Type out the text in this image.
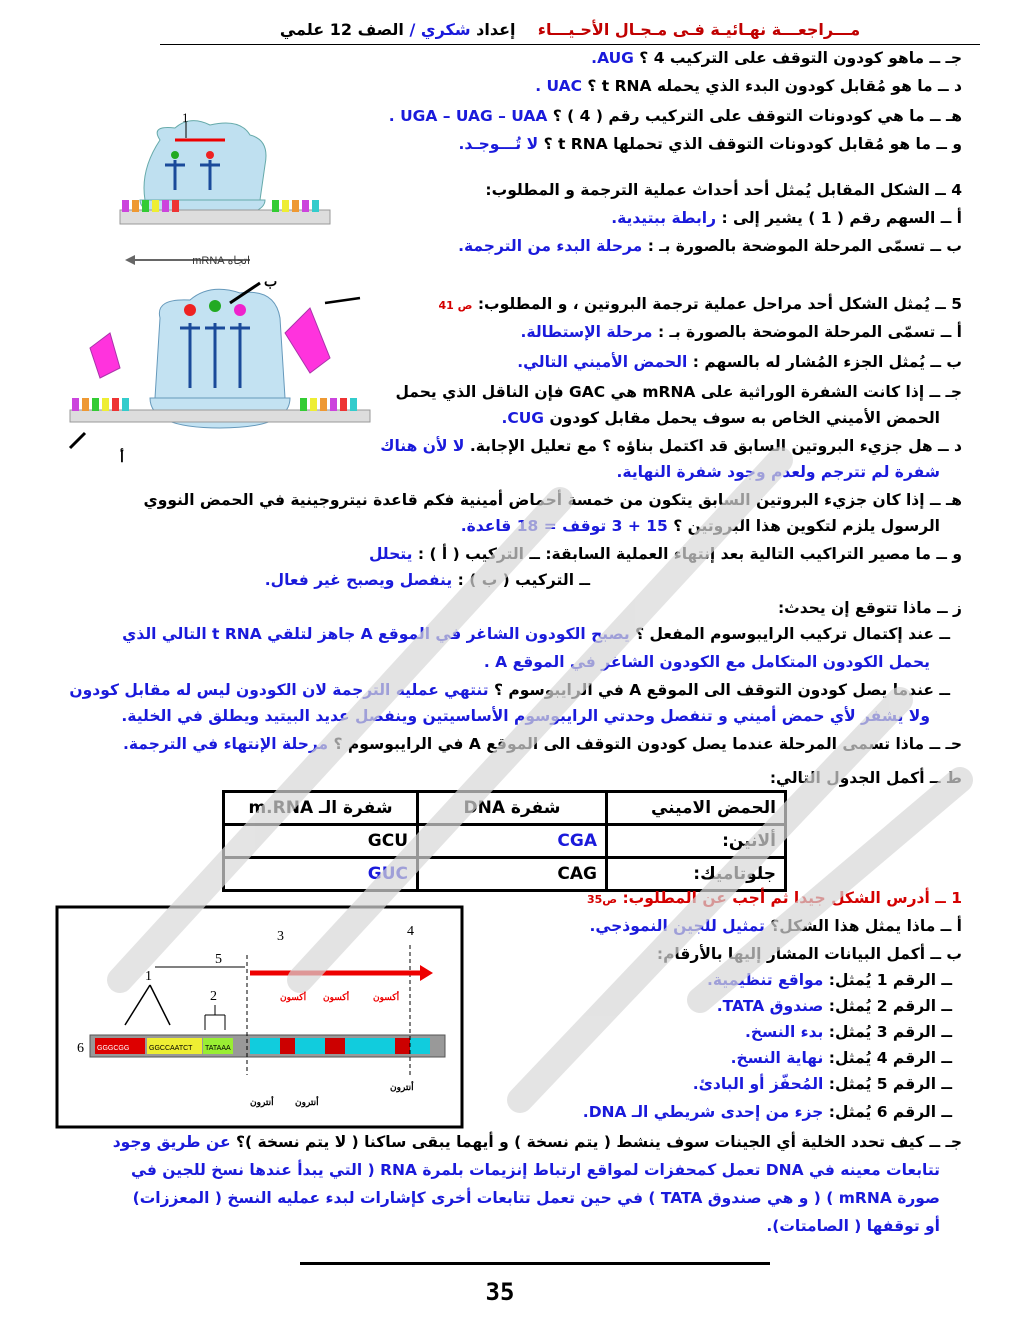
مـــراجعـــة نهـائيـة فـى مـجـال الأحـيـــاء    إعداد شكري / الصف 12 علمي
جـ ــ ماهو كودون التوقف على التركيب 4 ؟ AUG.
د ــ ما هو مُقابل كودون البدء الذي يحمله t RNA ؟ UAC .
هـ ــ ما هي كودونات التوقف على التركيب رقم ( 4 ) ؟ UGA – UAG – UAA .
و ــ ما هو مُقابل كودونات التوقف الذي تحملها t RNA ؟ لا تُـــوجـد.
4 ــ الشكل المقابل يُمثل أحد أحداث عملية الترجمة و المطلوب:
أ ــ السهم رقم ( 1 ) يشير إلى : رابطة ببتيدية.
ب ــ تسمّى المرحلة الموضحة بالصورة بـ : مرحلة البدء من الترجمة.
5 ــ يُمثل الشكل أحد مراحل عملية ترجمة البروتين ، و المطلوب: ص 41
أ ــ تسمّى المرحلة الموضحة بالصورة بـ : مرحلة الإستطالة.
ب ــ يُمثل الجزء المُشار له بالسهم : الحمض الأميني التالي.
جـ ــ إذا كانت الشفرة الوراثية على mRNA هي GAC فإن الناقل الذي يحمل
الحمض الأميني الخاص به سوف يحمل مقابل كودون CUG.
د ــ هل جزيء البروتين السابق قد اكتمل بناؤه ؟ مع تعليل الإجابة. لا لأن هناك
شفرة لم تترجم ولعدم وجود شفرة النهاية.
هـ ــ إذا كان جزيء البروتين السابق يتكون من خمسة أحماض أمينية فكم قاعدة نيتروجينية في الحمض النووي
الرسول يلزم لتكوين هذا البروتين ؟ 15 + 3 توقف = 18 قاعدة.
و ــ ما مصير التراكيب التالية بعد إنتهاء العملية السابقة: ــ التركيب ( أ ) : يتحلل
ــ التركيب ( ب ) : ينفصل ويصبح غير فعال.
ز ــ ماذا تتوقع إن يحدث:
ــ عند إكتمال تركيب الرايبوسوم المفعل ؟ يصبح الكودون الشاغر في الموقع A جاهز لتلقي t RNA التالي الذي
يحمل الكودون المتكامل مع الكودون الشاغر في الموقع A .
ــ عندما يصل كودون التوقف الى الموقع A في الرايبوسوم ؟ تنتهي عمليه الترجمة لان الكودون ليس له مقابل كودون
ولا يشفر لأي حمض أميني و تنفصل وحدتي الرايبوسوم الأساسيتين وينفصل عديد البيتيد ويطلق في الخلية.
حـ ــ ماذا تسمى المرحلة عندما يصل كودون التوقف الى الموقع A في الرايبوسوم ؟ مرحلة الإنتهاء في الترجمة.
ط ــ أكمل الجدول التالي:
الحمض الاميني	شفرة DNA	شفرة الـ m.RNA
ألانين:	CGA	GCU
جلوتاميك:	CAG	GUC
1 ــ أدرس الشكل جيدا ثم أجب عن المطلوب: ص35
أ ــ ماذا يمثل هذا الشكل؟ تمثيل للجين النموذجي.
ب ــ أكمل البيانات المشار إليها بالأرقام:
ــ الرقم 1 يُمثل: مواقع تنظيمية.
ــ الرقم 2 يُمثل: صندوق TATA.
ــ الرقم 3 يُمثل: بدء النسخ.
ــ الرقم 4 يُمثل: نهاية النسخ.
ــ الرقم 5 يُمثل: المُحفّز أو البادئ.
ــ الرقم 6 يُمثل: جزء من إحدى شريطي الـ DNA.
جـ ــ كيف تحدد الخلية أي الجينات سوف ينشط ( يتم نسخة ) و أيهما يبقى ساكنا ( لا يتم نسخة )؟ عن طريق وجود
تتابعات معينه في DNA تعمل كمحفزات لمواقع ارتباط إنزيمات بلمرة RNA ( التي يبدأ عندها نسخ للجين في
صورة mRNA ) ( و هي صندوق TATA ) في حين تعمل تتابعات أخرى كإشارات لبدء عمليه النسخ ( المعززات)
أو توقفها ( الصامتات).
1
اتجاه mRNA
ب
أ
GGGCGG	GGCCAATCT TATAAA
6
1
2
5
3	4
أكسون أكسون	أكسون
أنترون أنترون
أنترون
35
